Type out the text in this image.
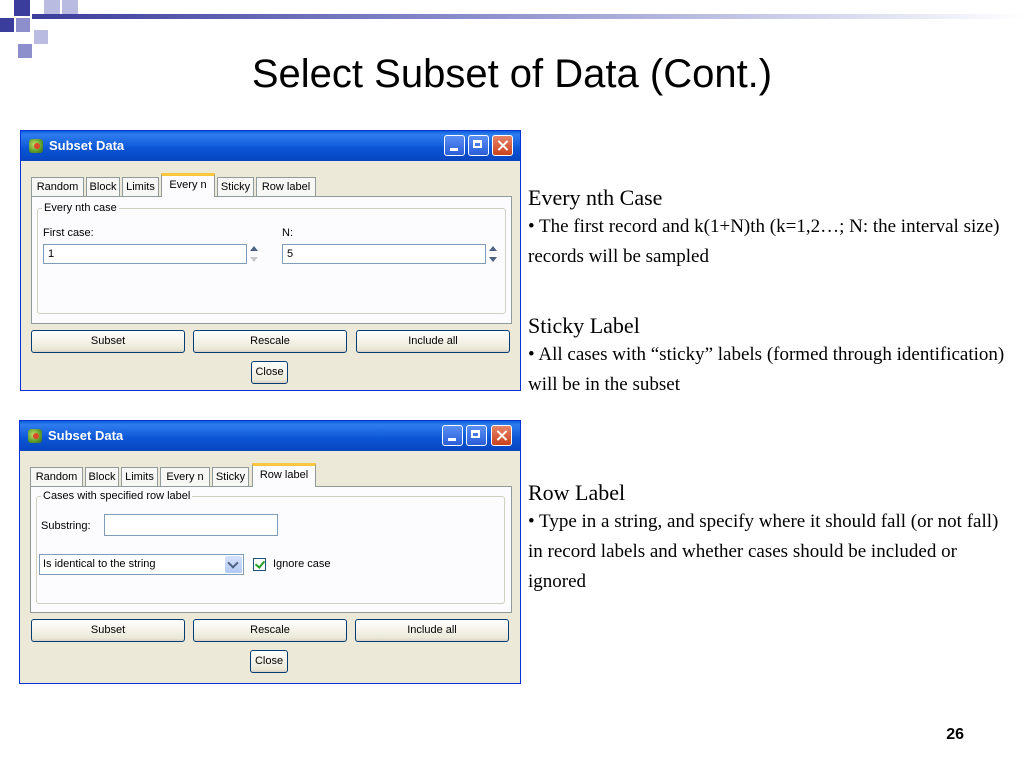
Select Subset of Data (Cont.)
Subset Data
Random	Block Limits	Every n	Sticky	Row label
Every nth case
First case:
1
N:
5
Subset	Rescale	Include all
Close
Subset Data
Random	Block Limits	Every n	Sticky	Row label
Cases with specified row label
Substring:
Is identical to the string	Ignore case
Subset	Rescale	Include all
Close
Every nth Case
• The first record and k(1+N)th (k=1,2…; N: the interval size) records will be sampled
Sticky Label
• All cases with “sticky” labels (formed through identification) will be in the subset
Row Label
• Type in a string, and specify where it should fall (or not fall) in record labels and whether cases should be included or ignored
26
